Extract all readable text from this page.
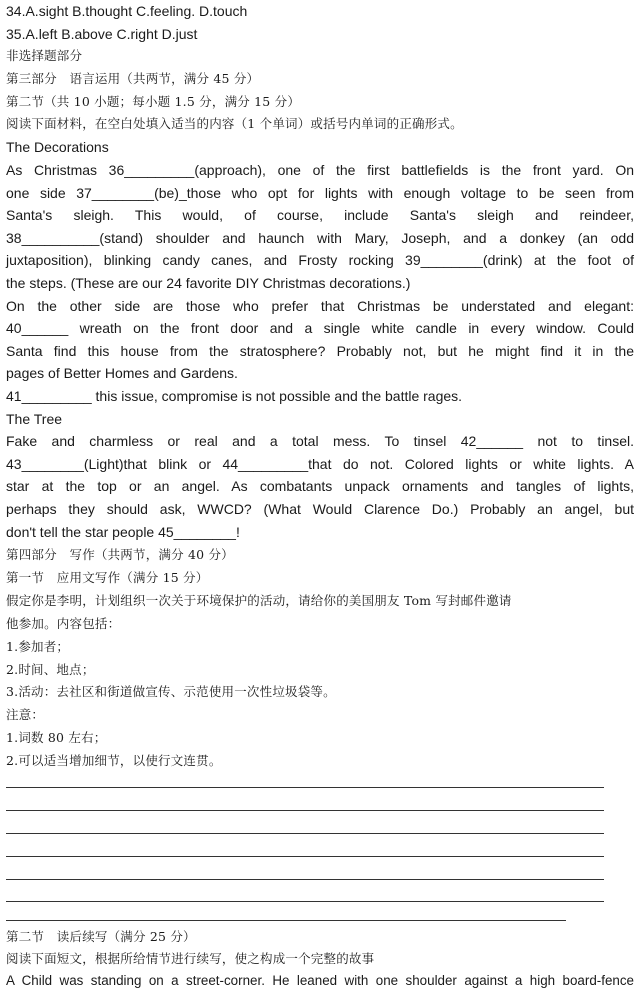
34.A.sight B.thought C.feeling. D.touch
35.A.left B.above C.right D.just
非选择题部分
第三部分　语言运用（共两节，满分 45 分）
第二节（共 10 小题；每小题 1.5 分，满分 15 分）
阅读下面材料，在空白处填入适当的内容（1 个单词）或括号内单词的正确形式。
The Decorations
As Christmas 36_________(approach), one of the first battlefields is the front yard. On
one side 37________(be)_those who opt for lights with enough voltage to be seen from
Santa's sleigh. This would, of course, include Santa's sleigh and reindeer,
38__________(stand) shoulder and haunch with Mary, Joseph, and a donkey (an odd
juxtaposition), blinking candy canes, and Frosty rocking 39________(drink) at the foot of
the steps. (These are our 24 favorite DIY Christmas decorations.)
On the other side are those who prefer that Christmas be understated and elegant:
40______ wreath on the front door and a single white candle in every window. Could
Santa find this house from the stratosphere? Probably not, but he might find it in the
pages of Better Homes and Gardens.
41_________ this issue, compromise is not possible and the battle rages.
The Tree
Fake and charmless or real and a total mess. To tinsel 42______ not to tinsel.
43________(Light)that blink or 44_________that do not. Colored lights or white lights. A
star at the top or an angel. As combatants unpack ornaments and tangles of lights,
perhaps they should ask, WWCD? (What Would Clarence Do.) Probably an angel, but
don't tell the star people 45________!
第四部分　写作（共两节，满分 40 分）
第一节　应用文写作（满分 15 分）
假定你是李明，计划组织一次关于环境保护的活动，请给你的美国朋友 Tom 写封邮件邀请
他参加。内容包括：
1.参加者；
2.时间、地点；
3.活动：去社区和街道做宣传、示范使用一次性垃圾袋等。
注意：
1.词数 80 左右；
2.可以适当增加细节，以使行文连贯。
第二节　读后续写（满分 25 分）
阅读下面短文，根据所给情节进行续写，使之构成一个完整的故事
A Child was standing on a street-corner. He leaned with one shoulder against a high board-fence
